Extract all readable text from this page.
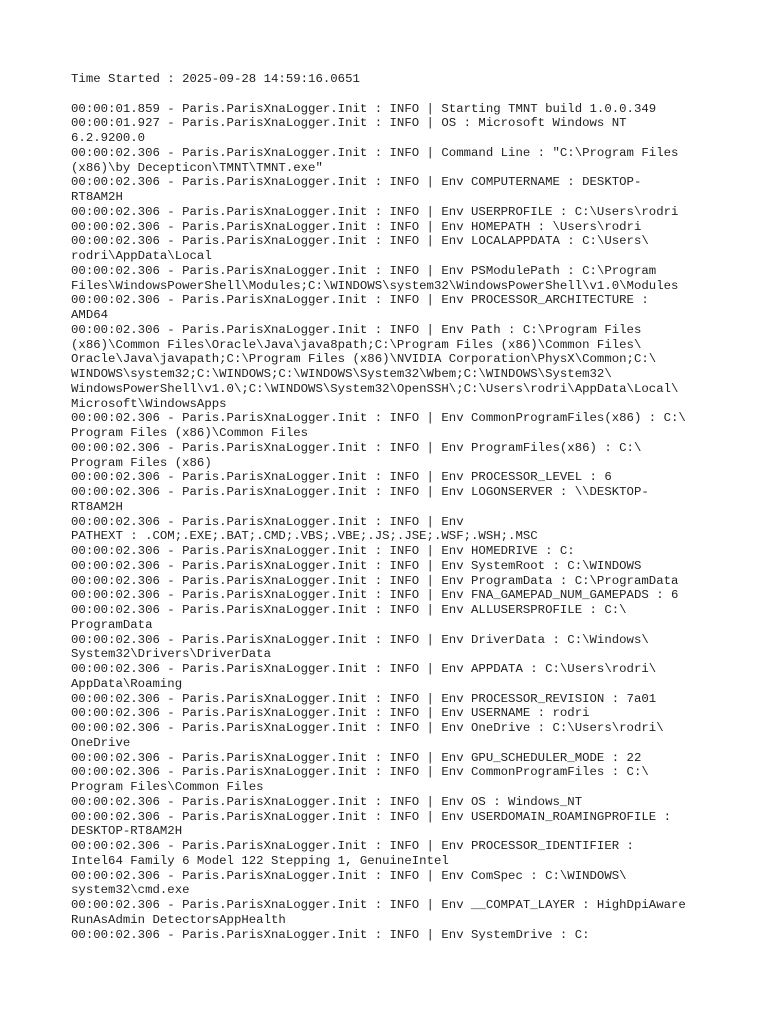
Time Started : 2025-09-28 14:59:16.0651
00:00:01.859 - Paris.ParisXnaLogger.Init : INFO | Starting TMNT build 1.0.0.349
00:00:01.927 - Paris.ParisXnaLogger.Init : INFO | OS : Microsoft Windows NT
6.2.9200.0
00:00:02.306 - Paris.ParisXnaLogger.Init : INFO | Command Line : "C:\Program Files
(x86)\by Decepticon\TMNT\TMNT.exe"
00:00:02.306 - Paris.ParisXnaLogger.Init : INFO | Env COMPUTERNAME : DESKTOP-
RT8AM2H
00:00:02.306 - Paris.ParisXnaLogger.Init : INFO | Env USERPROFILE : C:\Users\rodri
00:00:02.306 - Paris.ParisXnaLogger.Init : INFO | Env HOMEPATH : \Users\rodri
00:00:02.306 - Paris.ParisXnaLogger.Init : INFO | Env LOCALAPPDATA : C:\Users\
rodri\AppData\Local
00:00:02.306 - Paris.ParisXnaLogger.Init : INFO | Env PSModulePath : C:\Program
Files\WindowsPowerShell\Modules;C:\WINDOWS\system32\WindowsPowerShell\v1.0\Modules
00:00:02.306 - Paris.ParisXnaLogger.Init : INFO | Env PROCESSOR_ARCHITECTURE :
AMD64
00:00:02.306 - Paris.ParisXnaLogger.Init : INFO | Env Path : C:\Program Files
(x86)\Common Files\Oracle\Java\java8path;C:\Program Files (x86)\Common Files\
Oracle\Java\javapath;C:\Program Files (x86)\NVIDIA Corporation\PhysX\Common;C:\
WINDOWS\system32;C:\WINDOWS;C:\WINDOWS\System32\Wbem;C:\WINDOWS\System32\
WindowsPowerShell\v1.0\;C:\WINDOWS\System32\OpenSSH\;C:\Users\rodri\AppData\Local\
Microsoft\WindowsApps
00:00:02.306 - Paris.ParisXnaLogger.Init : INFO | Env CommonProgramFiles(x86) : C:\
Program Files (x86)\Common Files
00:00:02.306 - Paris.ParisXnaLogger.Init : INFO | Env ProgramFiles(x86) : C:\
Program Files (x86)
00:00:02.306 - Paris.ParisXnaLogger.Init : INFO | Env PROCESSOR_LEVEL : 6
00:00:02.306 - Paris.ParisXnaLogger.Init : INFO | Env LOGONSERVER : \\DESKTOP-
RT8AM2H
00:00:02.306 - Paris.ParisXnaLogger.Init : INFO | Env
PATHEXT : .COM;.EXE;.BAT;.CMD;.VBS;.VBE;.JS;.JSE;.WSF;.WSH;.MSC
00:00:02.306 - Paris.ParisXnaLogger.Init : INFO | Env HOMEDRIVE : C:
00:00:02.306 - Paris.ParisXnaLogger.Init : INFO | Env SystemRoot : C:\WINDOWS
00:00:02.306 - Paris.ParisXnaLogger.Init : INFO | Env ProgramData : C:\ProgramData
00:00:02.306 - Paris.ParisXnaLogger.Init : INFO | Env FNA_GAMEPAD_NUM_GAMEPADS : 6
00:00:02.306 - Paris.ParisXnaLogger.Init : INFO | Env ALLUSERSPROFILE : C:\
ProgramData
00:00:02.306 - Paris.ParisXnaLogger.Init : INFO | Env DriverData : C:\Windows\
System32\Drivers\DriverData
00:00:02.306 - Paris.ParisXnaLogger.Init : INFO | Env APPDATA : C:\Users\rodri\
AppData\Roaming
00:00:02.306 - Paris.ParisXnaLogger.Init : INFO | Env PROCESSOR_REVISION : 7a01
00:00:02.306 - Paris.ParisXnaLogger.Init : INFO | Env USERNAME : rodri
00:00:02.306 - Paris.ParisXnaLogger.Init : INFO | Env OneDrive : C:\Users\rodri\
OneDrive
00:00:02.306 - Paris.ParisXnaLogger.Init : INFO | Env GPU_SCHEDULER_MODE : 22
00:00:02.306 - Paris.ParisXnaLogger.Init : INFO | Env CommonProgramFiles : C:\
Program Files\Common Files
00:00:02.306 - Paris.ParisXnaLogger.Init : INFO | Env OS : Windows_NT
00:00:02.306 - Paris.ParisXnaLogger.Init : INFO | Env USERDOMAIN_ROAMINGPROFILE :
DESKTOP-RT8AM2H
00:00:02.306 - Paris.ParisXnaLogger.Init : INFO | Env PROCESSOR_IDENTIFIER :
Intel64 Family 6 Model 122 Stepping 1, GenuineIntel
00:00:02.306 - Paris.ParisXnaLogger.Init : INFO | Env ComSpec : C:\WINDOWS\
system32\cmd.exe
00:00:02.306 - Paris.ParisXnaLogger.Init : INFO | Env __COMPAT_LAYER : HighDpiAware
RunAsAdmin DetectorsAppHealth
00:00:02.306 - Paris.ParisXnaLogger.Init : INFO | Env SystemDrive : C:
